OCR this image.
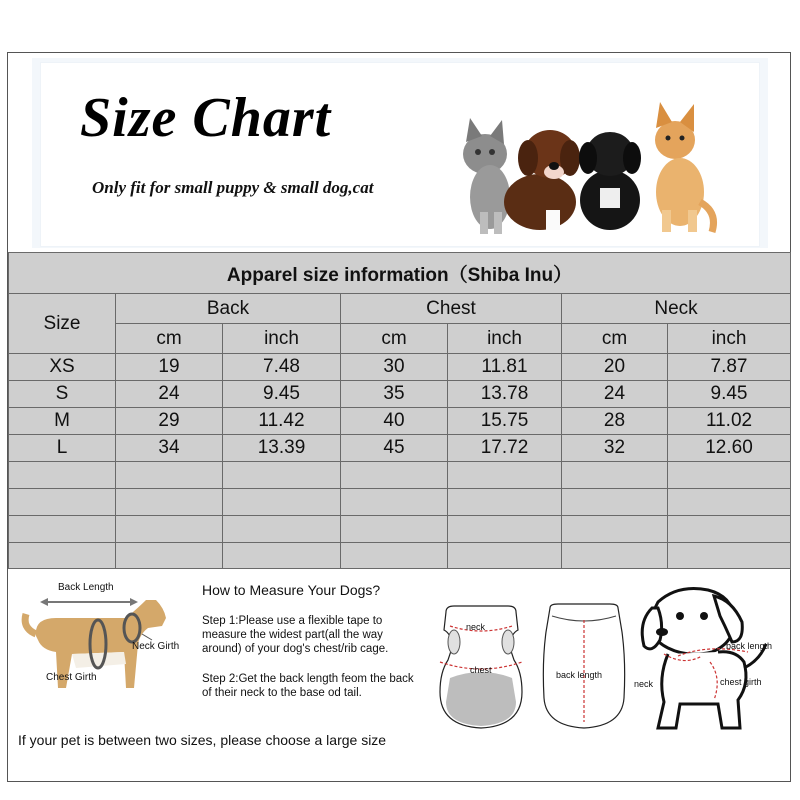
Size Chart
Only fit for small puppy & small dog,cat
Apparel size information（Shiba Inu）						
Size	Back		Chest		Neck	
	cm	inch	cm	inch	cm	inch
XS	19	7.48	30	11.81	20	7.87
S	24	9.45	35	13.78	24	9.45
M	29	11.42	40	15.75	28	11.02
L	34	13.39	45	17.72	32	12.60

Back Length
Neck Girth
Chest Girth
How to Measure Your Dogs?
Step 1:Please use a flexible tape to measure the widest part(all the way around) of your dog's chest/rib cage.
Step 2:Get the back length feom the back of their neck to the base od tail.
neck
chest	back length
back length
neck	chest girth
If your pet is between two sizes, please choose a large size
